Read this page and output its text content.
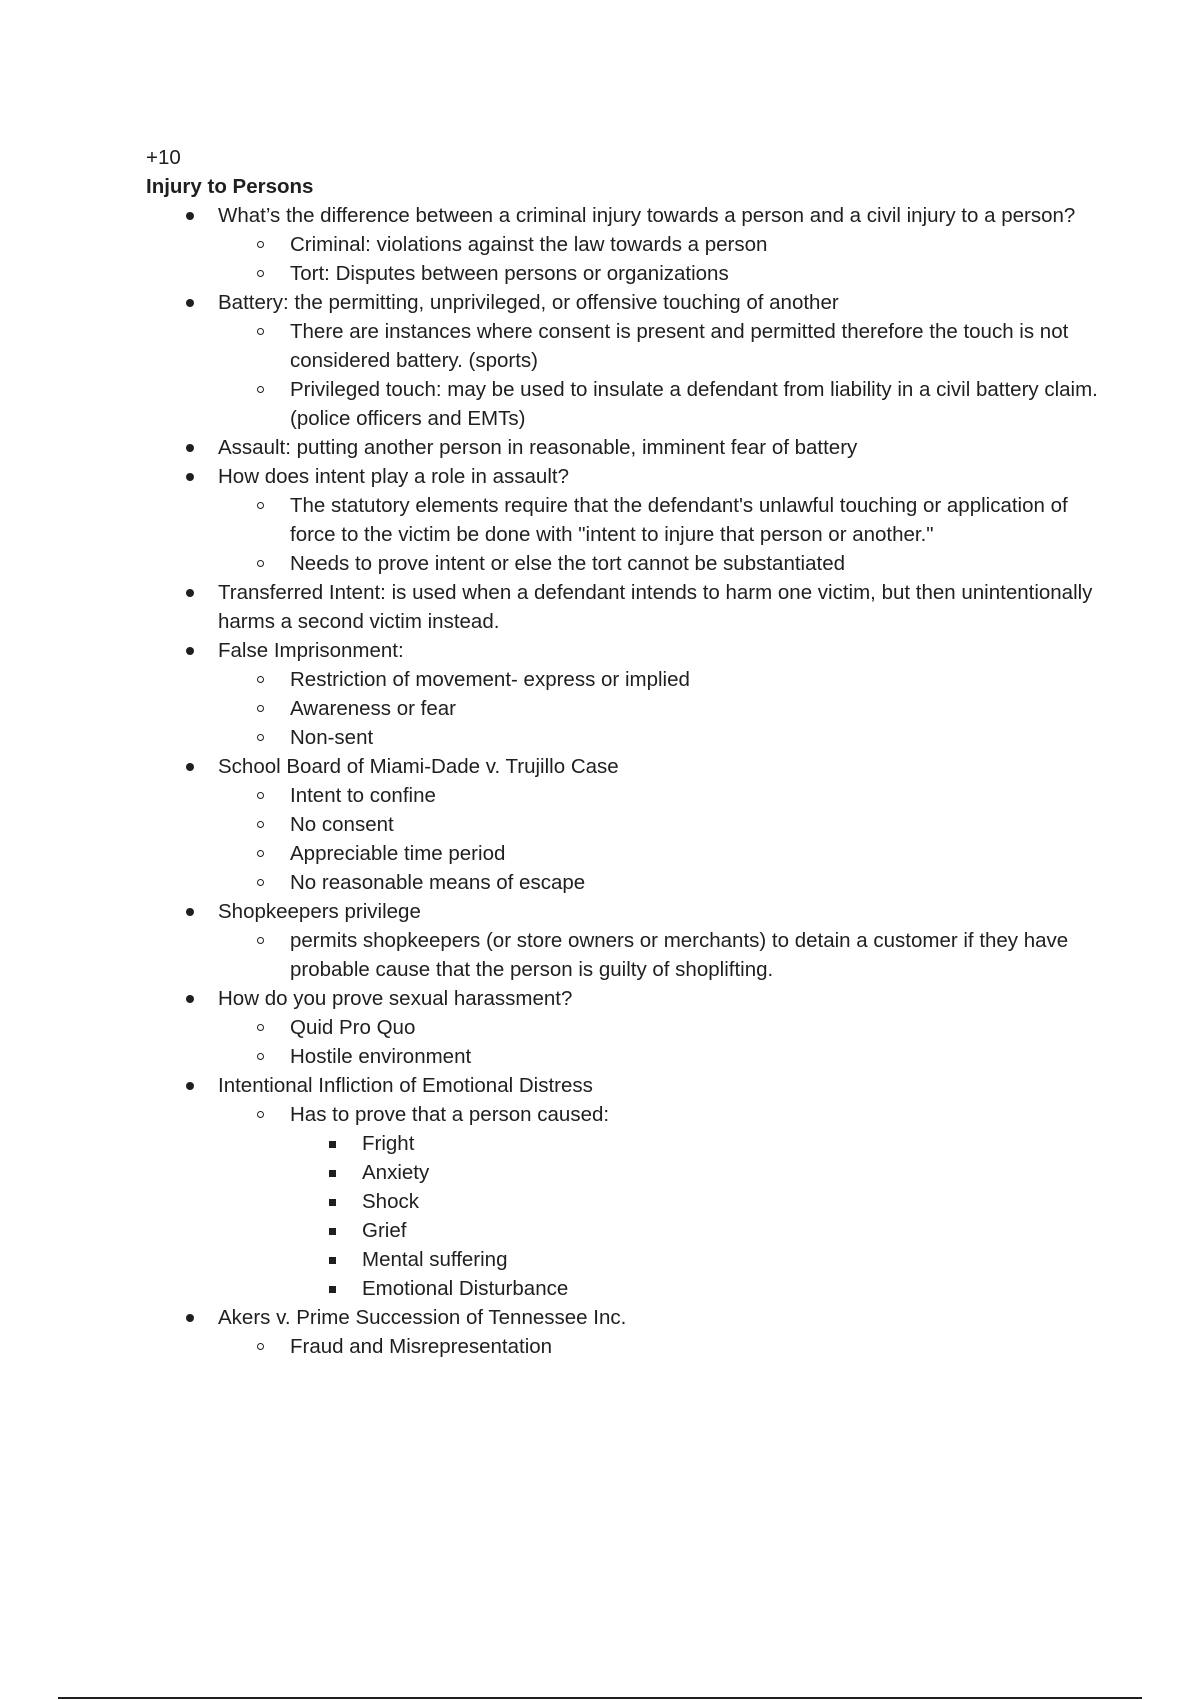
+10

Injury to Persons

What’s the difference between a criminal injury towards a person and a civil injury to a person?
Criminal: violations against the law towards a person
Tort: Disputes between persons or organizations
Battery: the permitting, unprivileged, or offensive touching of another
There are instances where consent is present and permitted therefore the touch is not considered battery. (sports)
Privileged touch: may be used to insulate a defendant from liability in a civil battery claim. (police officers and EMTs)
Assault: putting another person in reasonable, imminent fear of battery
How does intent play a role in assault?
The statutory elements require that the defendant's unlawful touching or application of force to the victim be done with "intent to injure that person or another."
Needs to prove intent or else the tort cannot be substantiated
Transferred Intent: is used when a defendant intends to harm one victim, but then unintentionally harms a second victim instead.
False Imprisonment:
Restriction of movement- express or implied
Awareness or fear
Non-sent
School Board of Miami-Dade v. Trujillo Case
Intent to confine
No consent
Appreciable time period
No reasonable means of escape
Shopkeepers privilege
permits shopkeepers (or store owners or merchants) to detain a customer if they have probable cause that the person is guilty of shoplifting.
How do you prove sexual harassment?
Quid Pro Quo
Hostile environment
Intentional Infliction of Emotional Distress
Has to prove that a person caused:
Fright
Anxiety
Shock
Grief
Mental suffering
Emotional Disturbance
Akers v. Prime Succession of Tennessee Inc.
Fraud and Misrepresentation
